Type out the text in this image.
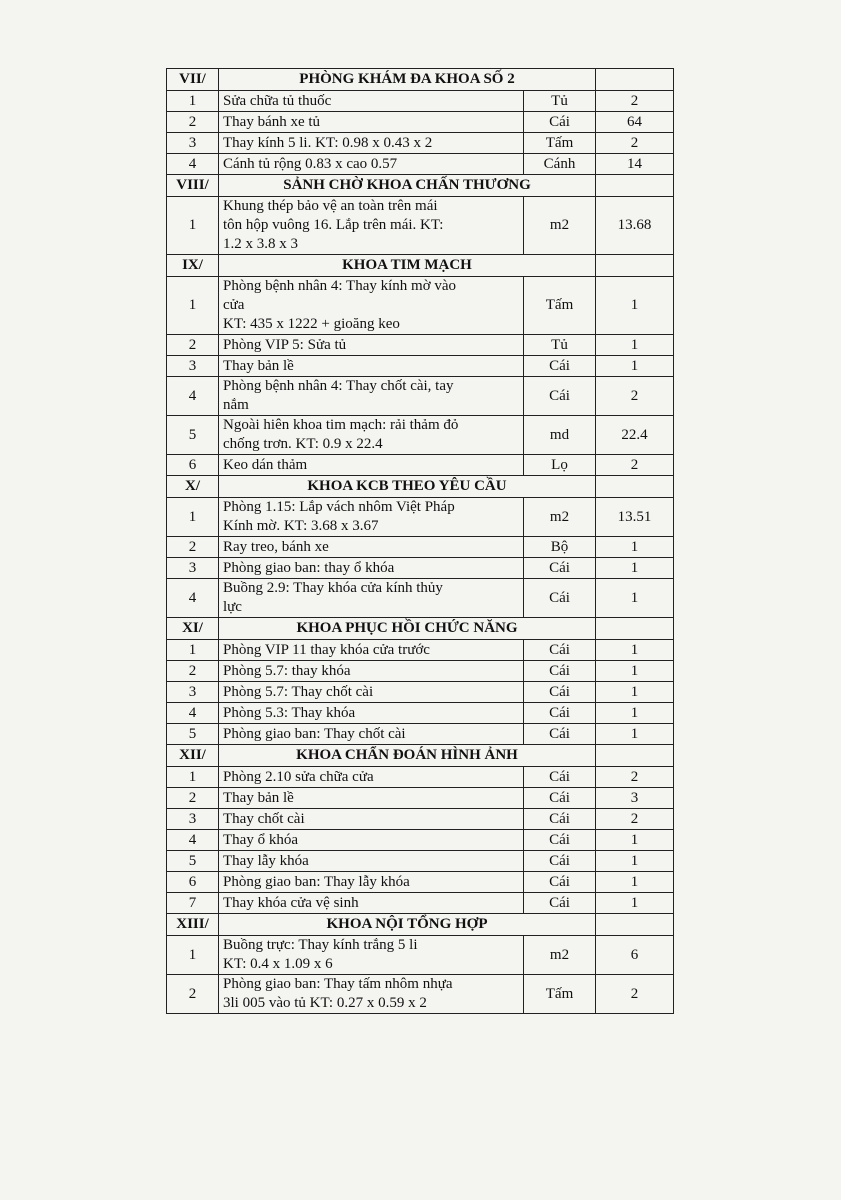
VII/	PHÒNG KHÁM ĐA KHOA SỐ 2		
1	Sửa chữa tủ thuốc	Tủ	2
2	Thay bánh xe tủ	Cái	64
3	Thay kính 5 li. KT: 0.98 x 0.43 x 2	Tấm	2
4	Cánh tủ rộng 0.83 x cao 0.57	Cánh	14
VIII/	SẢNH CHỜ KHOA CHẤN THƯƠNG		
1	Khung thép bảo vệ an toàn trên mái
tôn hộp vuông 16. Lắp trên mái. KT:
1.2 x 3.8 x 3	m2	13.68
IX/	KHOA TIM MẠCH		
1	Phòng bệnh nhân 4: Thay kính mờ vào
cửa
KT: 435 x 1222 + gioăng keo	Tấm	1
2	Phòng VIP 5: Sửa tủ	Tủ	1
3	Thay bản lề	Cái	1
4	Phòng bệnh nhân 4: Thay chốt cài, tay
nắm	Cái	2
5	Ngoài hiên khoa tim mạch: rải thảm đỏ
chống trơn. KT: 0.9 x 22.4	md	22.4
6	Keo dán thảm	Lọ	2
X/	KHOA KCB THEO YÊU CẦU		
1	Phòng 1.15: Lắp vách nhôm Việt Pháp
Kính mờ. KT: 3.68 x 3.67	m2	13.51
2	Ray treo, bánh xe	Bộ	1
3	Phòng giao ban: thay ổ khóa	Cái	1
4	Buồng 2.9: Thay khóa cửa kính thủy
lực	Cái	1
XI/	KHOA PHỤC HỒI CHỨC NĂNG		
1	Phòng VIP 11 thay khóa cửa trước	Cái	1
2	Phòng 5.7: thay khóa	Cái	1
3	Phòng 5.7: Thay chốt cài	Cái	1
4	Phòng 5.3: Thay khóa	Cái	1
5	Phòng giao ban: Thay chốt cài	Cái	1
XII/	KHOA CHẨN ĐOÁN HÌNH ẢNH		
1	Phòng 2.10 sửa chữa cửa	Cái	2
2	Thay bản lề	Cái	3
3	Thay chốt cài	Cái	2
4	Thay ổ khóa	Cái	1
5	Thay lẫy khóa	Cái	1
6	Phòng giao ban: Thay lẫy khóa	Cái	1
7	Thay khóa cửa vệ sinh	Cái	1
XIII/	KHOA NỘI TỔNG HỢP		
1	Buồng trực: Thay kính trắng 5 li
KT: 0.4 x 1.09 x 6	m2	6
2	Phòng giao ban: Thay tấm nhôm nhựa
3li 005 vào tủ KT: 0.27 x 0.59 x 2	Tấm	2
